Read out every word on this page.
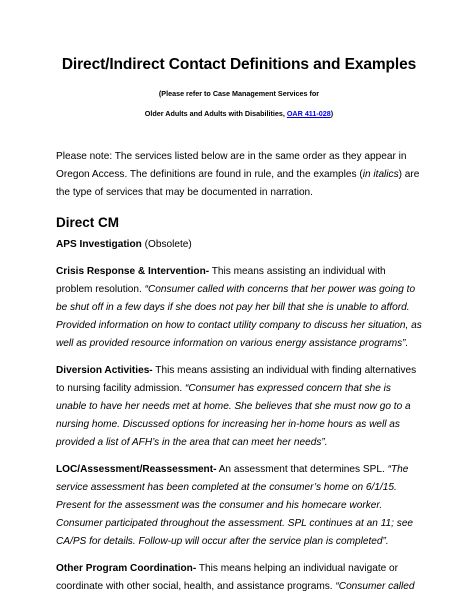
Direct/Indirect Contact Definitions and Examples

(Please refer to Case Management Services for

Older Adults and Adults with Disabilities, OAR 411-028)

Please note: The services listed below are in the same order as they appear in Oregon Access. The definitions are found in rule, and the examples (in italics) are the type of services that may be documented in narration.

Direct CM

APS Investigation (Obsolete)

Crisis Response & Intervention- This means assisting an individual with problem resolution. “Consumer called with concerns that her power was going to be shut off in a few days if she does not pay her bill that she is unable to afford. Provided information on how to contact utility company to discuss her situation, as well as provided resource information on various energy assistance programs”.

Diversion Activities- This means assisting an individual with finding alternatives to nursing facility admission. “Consumer has expressed concern that she is unable to have her needs met at home. She believes that she must now go to a nursing home. Discussed options for increasing her in-home hours as well as provided a list of AFH’s in the area that can meet her needs”.

LOC/Assessment/Reassessment- An assessment that determines SPL. “The service assessment has been completed at the consumer’s home on 6/1/15. Present for the assessment was the consumer and his homecare worker. Consumer participated throughout the assessment. SPL continues at an 11; see CA/PS for details. Follow-up will occur after the service plan is completed”.

Other Program Coordination- This means helping an individual navigate or coordinate with other social, health, and assistance programs. “Consumer called
